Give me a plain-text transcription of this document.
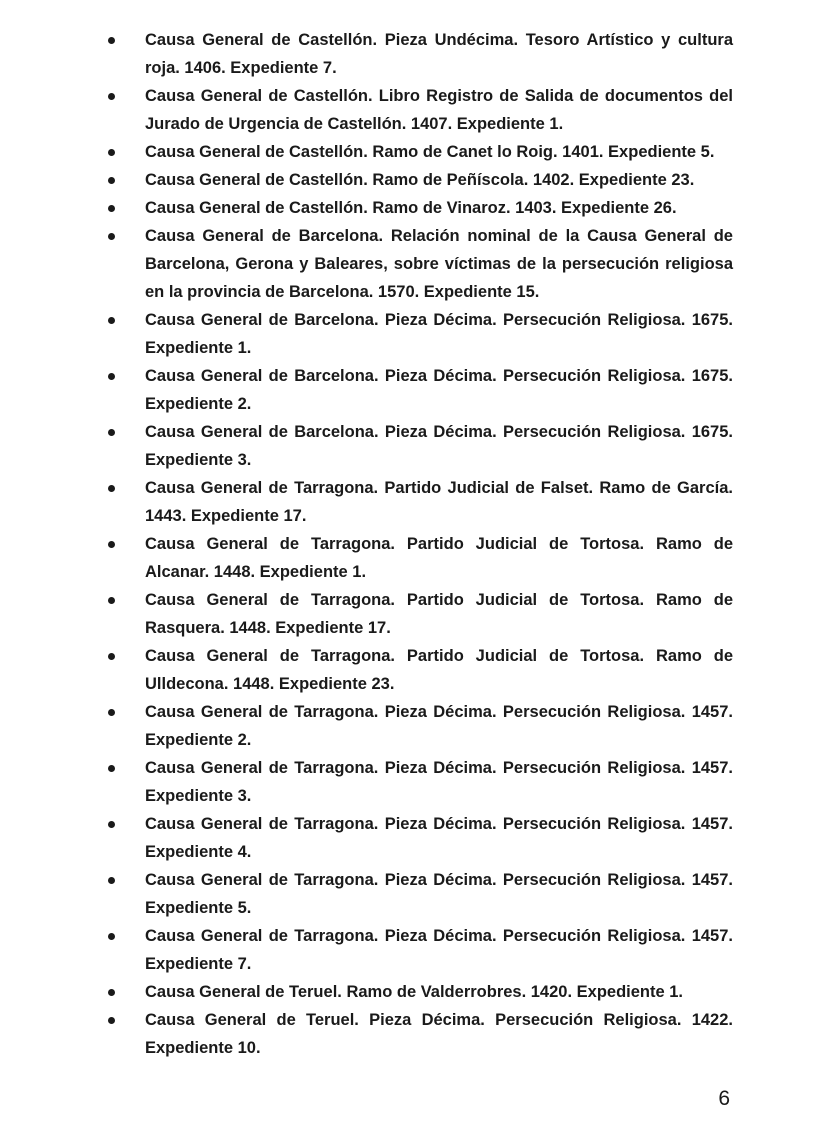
Causa General de Castellón. Pieza Undécima. Tesoro Artístico y cultura roja. 1406. Expediente 7.
Causa General de Castellón. Libro Registro de Salida de documentos del Jurado de Urgencia de Castellón. 1407. Expediente 1.
Causa General de Castellón. Ramo de Canet lo Roig. 1401. Expediente 5.
Causa General de Castellón. Ramo de Peñíscola. 1402. Expediente 23.
Causa General de Castellón. Ramo de Vinaroz. 1403. Expediente 26.
Causa General de Barcelona. Relación nominal de la Causa General de Barcelona, Gerona y Baleares, sobre víctimas de la persecución religiosa en la provincia de Barcelona. 1570. Expediente 15.
Causa General de Barcelona. Pieza Décima. Persecución Religiosa. 1675. Expediente 1.
Causa General de Barcelona. Pieza Décima. Persecución Religiosa. 1675. Expediente 2.
Causa General de Barcelona. Pieza Décima. Persecución Religiosa. 1675. Expediente 3.
Causa General de Tarragona. Partido Judicial de Falset. Ramo de García. 1443. Expediente 17.
Causa General de Tarragona. Partido Judicial de Tortosa. Ramo de Alcanar. 1448. Expediente 1.
Causa General de Tarragona. Partido Judicial de Tortosa. Ramo de Rasquera. 1448. Expediente 17.
Causa General de Tarragona. Partido Judicial de Tortosa. Ramo de Ulldecona. 1448. Expediente 23.
Causa General de Tarragona. Pieza Décima. Persecución Religiosa. 1457. Expediente 2.
Causa General de Tarragona. Pieza Décima. Persecución Religiosa. 1457. Expediente 3.
Causa General de Tarragona. Pieza Décima. Persecución Religiosa. 1457. Expediente 4.
Causa General de Tarragona. Pieza Décima. Persecución Religiosa. 1457. Expediente 5.
Causa General de Tarragona. Pieza Décima. Persecución Religiosa. 1457. Expediente 7.
Causa General de Teruel. Ramo de Valderrobres. 1420. Expediente 1.
Causa General de Teruel. Pieza Décima. Persecución Religiosa. 1422. Expediente 10.
6
